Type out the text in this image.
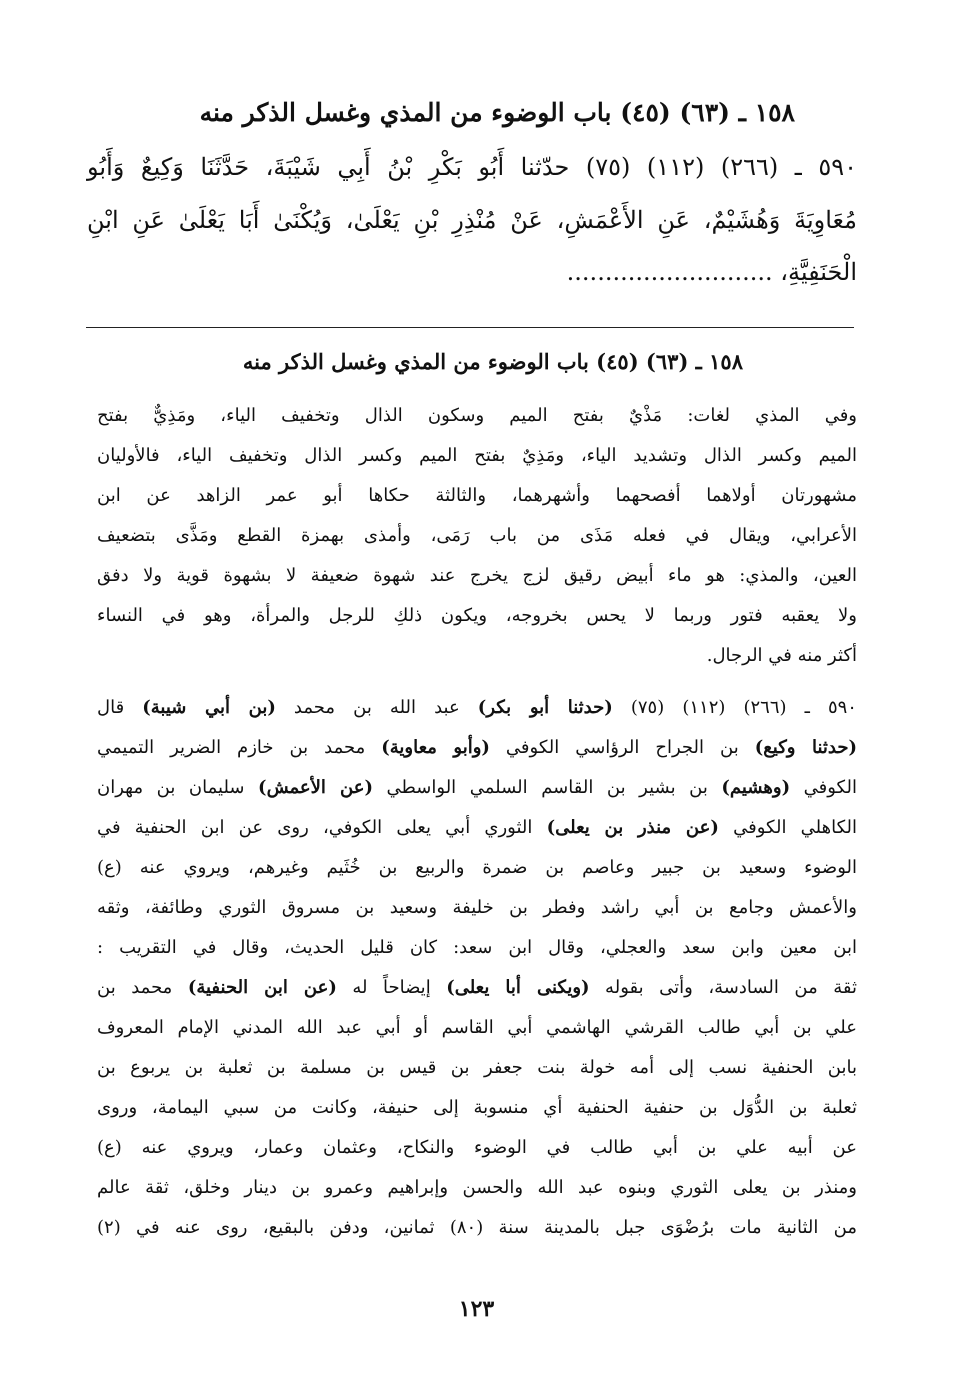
١٥٨ ـ (٦٣) (٤٥) باب الوضوء من المذي وغسل الذكر منه
٥٩٠ ـ (٢٦٦) (١١٢) (٧٥) حدّثنا أَبُو بَكْرِ بْنُ أَبِي شَيْبَةَ، حَدَّثَنَا وَكِيعٌ وَأَبُو
مُعَاوِيَةَ وَهُشَيْمٌ، عَنِ الأَعْمَشِ، عَنْ مُنْذِرِ بْنِ يَعْلَىٰ، وَيُكْنَىٰ أَبَا يَعْلَىٰ عَنِ ابْنِ
الْحَنَفِيَّةِ، ...........................
١٥٨ ـ (٦٣) (٤٥) باب الوضوء من المذي وغسل الذكر منه
وفي المذي لغات: مَذْيٌ بفتح الميم وسكون الذال وتخفيف الياء، ومَذِيٌّ بفتح
الميم وكسر الذال وتشديد الياء، ومَذِيٌ بفتح الميم وكسر الذال وتخفيف الياء، فالأوليان
مشهورتان أولاهما أفصحهما وأشهرهما، والثالثة حكاها أبو عمر الزاهد عن ابن
الأعرابي، ويقال في فعله مَذَى من باب رَمَى، وأمذى بهمزة القطع ومَذَّى بتضعيف
العين، والمذي: هو ماء أبيض رقيق لزج يخرج عند شهوة ضعيفة لا بشهوة قوية ولا دفق
ولا يعقبه فتور وربما لا يحس بخروجه، ويكون ذلكِ للرجل والمرأة، وهو في النساء
أكثر منه في الرجال.
٥٩٠ ـ (٢٦٦) (١١٢) (٧٥) (حدثنا أبو بكر) عبد الله بن محمد (بن أبي شيبة) قال
(حدثنا وكيع) بن الجراح الرؤاسي الكوفي (وأبو معاوية) محمد بن خازم الضرير التميمي
الكوفي (وهشيم) بن بشير بن القاسم السلمي الواسطي (عن الأعمش) سليمان بن مهران
الكاهلي الكوفي (عن منذر بن يعلى) الثوري أبي يعلى الكوفي، روى عن ابن الحنفية في
الوضوء وسعيد بن جبير وعاصم بن ضمرة والربيع بن خُثَيم وغيرهم، ويروي عنه (ع)
والأعمش وجامع بن أبي راشد وفطر بن خليفة وسعيد بن مسروق الثوري وطائفة، وثقه
ابن معين وابن سعد والعجلي، وقال ابن سعد: كان قليل الحديث، وقال في التقريب :
ثقة من السادسة، وأتى بقوله (ويكنى أبا يعلى) إيضاحاً له (عن ابن الحنفية) محمد بن
علي بن أبي طالب القرشي الهاشمي أبي القاسم أو أبي عبد الله المدني الإمام المعروف
بابن الحنفية نسب إلى أمه خولة بنت جعفر بن قيس بن مسلمة بن ثعلبة بن يربوع بن
ثعلبة بن الدُّوَل بن حنفية الحنفية أي منسوبة إلى حنيفة، وكانت من سبي اليمامة، وروى
عن أبيه علي بن أبي طالب في الوضوء والنكاح، وعثمان وعمار، ويروي عنه (ع)
ومنذر بن يعلى الثوري وبنوه عبد الله والحسن وإبراهيم وعمرو بن دينار وخلق، ثقة عالم
من الثانية مات برُضْوَى جبل بالمدينة سنة (٨٠) ثمانين، ودفن بالبقيع، روى عنه في (٢)
١٢٣
